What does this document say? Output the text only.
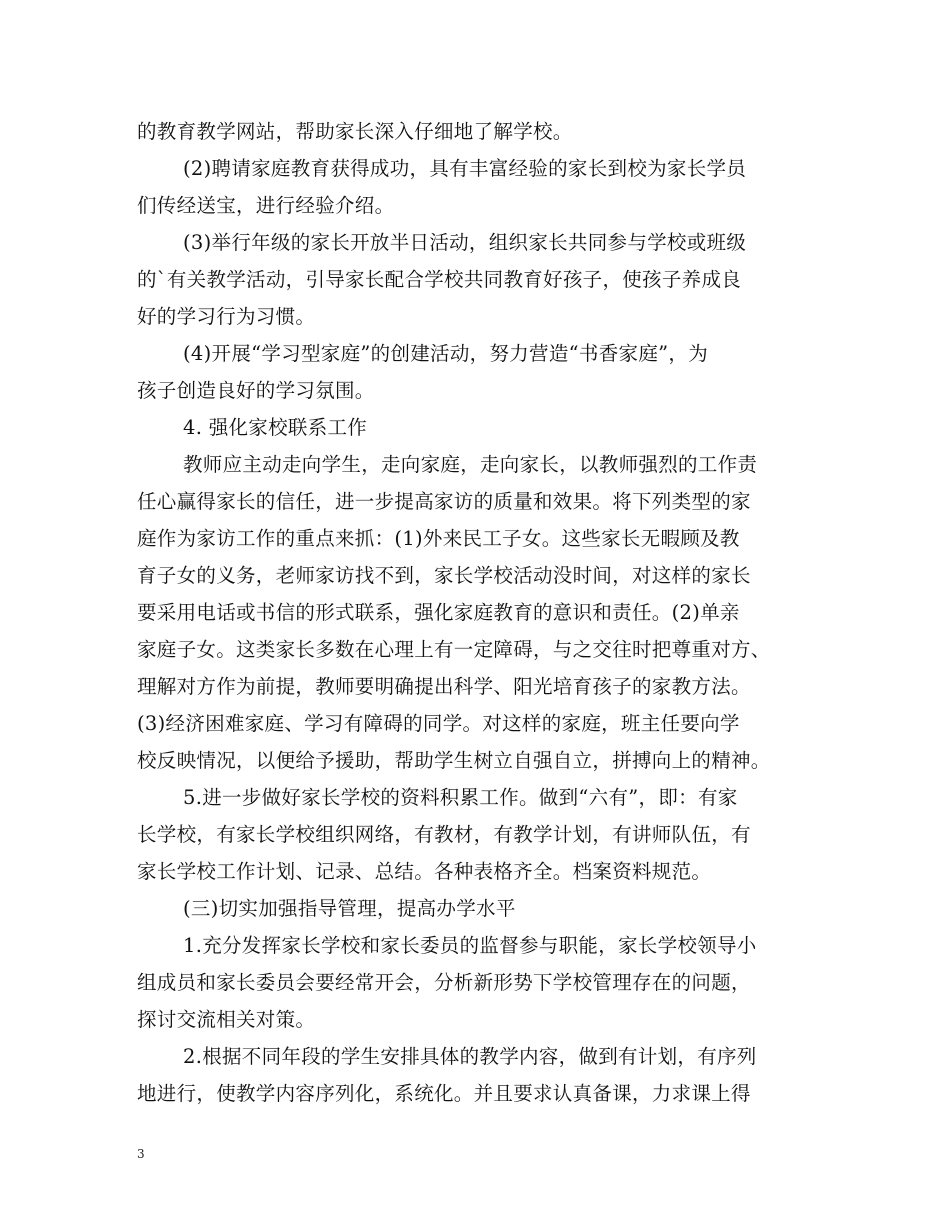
的教育教学网站，帮助家长深入仔细地了解学校。
(2)聘请家庭教育获得成功，具有丰富经验的家长到校为家长学员
们传经送宝，进行经验介绍。
(3)举行年级的家长开放半日活动，组织家长共同参与学校或班级
的`有关教学活动，引导家长配合学校共同教育好孩子，使孩子养成良
好的学习行为习惯。
(4)开展“学习型家庭”的创建活动，努力营造“书香家庭”，为
孩子创造良好的学习氛围。
4. 强化家校联系工作
教师应主动走向学生，走向家庭，走向家长，以教师强烈的工作责
任心赢得家长的信任，进一步提高家访的质量和效果。将下列类型的家
庭作为家访工作的重点来抓：(1)外来民工子女。这些家长无暇顾及教
育子女的义务，老师家访找不到，家长学校活动没时间，对这样的家长
要采用电话或书信的形式联系，强化家庭教育的意识和责任。(2)单亲
家庭子女。这类家长多数在心理上有一定障碍，与之交往时把尊重对方、
理解对方作为前提，教师要明确提出科学、阳光培育孩子的家教方法。
(3)经济困难家庭、学习有障碍的同学。对这样的家庭，班主任要向学
校反映情况，以便给予援助，帮助学生树立自强自立，拼搏向上的精神。
5.进一步做好家长学校的资料积累工作。做到“六有”，即：有家
长学校，有家长学校组织网络，有教材，有教学计划，有讲师队伍，有
家长学校工作计划、记录、总结。各种表格齐全。档案资料规范。
(三)切实加强指导管理，提高办学水平
1.充分发挥家长学校和家长委员的监督参与职能，家长学校领导小
组成员和家长委员会要经常开会，分析新形势下学校管理存在的问题，
探讨交流相关对策。
2.根据不同年段的学生安排具体的教学内容，做到有计划，有序列
地进行，使教学内容序列化，系统化。并且要求认真备课，力求课上得
3
